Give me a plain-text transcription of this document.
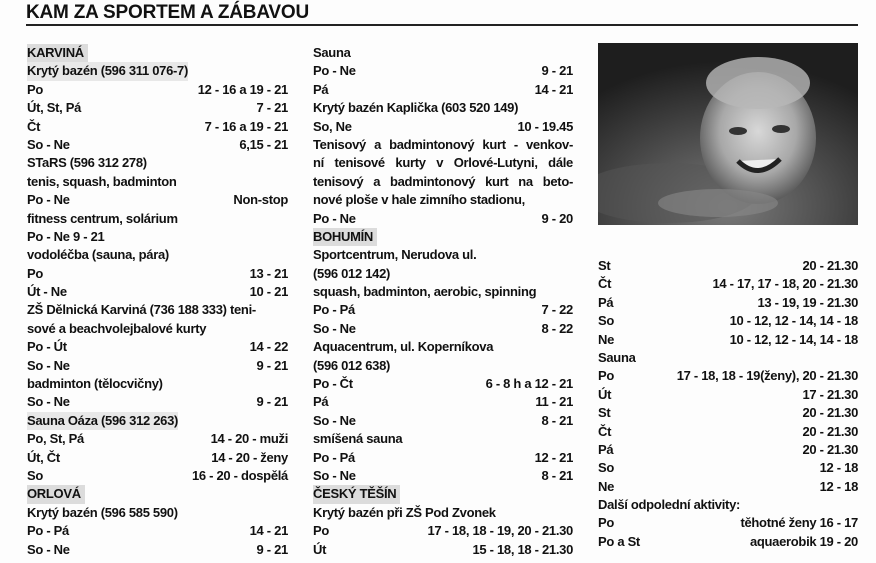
KAM ZA SPORTEM A ZÁBAVOU
KARVINÁ
Krytý bazén (596 311 076-7)
Po	12 - 16 a 19 - 21
Út, St, Pá	7 - 21
Čt	7 - 16 a 19 - 21
So - Ne	6,15 - 21
STaRS (596 312 278)
tenis, squash, badminton
Po - Ne	Non-stop
fitness centrum, solárium
Po - Ne 9 - 21
vodoléčba (sauna, pára)
Po	13 - 21
Út - Ne	10 - 21
ZŠ Dělnická Karviná (736 188 333) teni-
sové a beachvolejbalové kurty
Po - Út	14 - 22
So - Ne	9 - 21
badminton (tělocvičny)
So - Ne	9 - 21
Sauna Oáza (596 312 263)
Po, St, Pá	14 - 20 - muži
Út, Čt	14 - 20 - ženy
So	16 - 20 - dospělá
ORLOVÁ
Krytý bazén (596 585 590)
Po - Pá	14 - 21
So - Ne	9 - 21
Sauna
Po - Ne	9 - 21
Pá	14 - 21
Krytý bazén Kaplička (603 520 149)
So, Ne	10 - 19.45
Tenisový a badmintonový kurt - venkov-
ní tenisové kurty v Orlové-Lutyni, dále
tenisový a badmintonový kurt na beto-
nové ploše v hale zimního stadionu,
Po - Ne	9 - 20
BOHUMÍN
Sportcentrum, Nerudova ul.
(596 012 142)
squash, badminton, aerobic, spinning
Po - Pá	7 - 22
So - Ne	8 - 22
Aquacentrum, ul. Koperníkova
(596 012 638)
Po - Čt	6 - 8 h a 12 - 21
Pá	11 - 21
So - Ne	8 - 21
smíšená sauna
Po - Pá	12 - 21
So - Ne	8 - 21
ČESKÝ TĚŠÍN
Krytý bazén při ZŠ Pod Zvonek
Po	17 - 18, 18 - 19, 20 - 21.30
Út	15 - 18, 18 - 21.30
St	20 - 21.30
Čt	14 - 17, 17 - 18, 20 - 21.30
Pá	13 - 19, 19 - 21.30
So	10 - 12, 12 - 14, 14 - 18
Ne	10 - 12, 12 - 14, 14 - 18
Sauna
Po	17 - 18, 18 - 19(ženy), 20 - 21.30
Út	17 - 21.30
St	20 - 21.30
Čt	20 - 21.30
Pá	20 - 21.30
So	12 - 18
Ne	12 - 18
Další odpolední aktivity:
Po	těhotné ženy 16 - 17
Po a St	aquaerobik 19 - 20
